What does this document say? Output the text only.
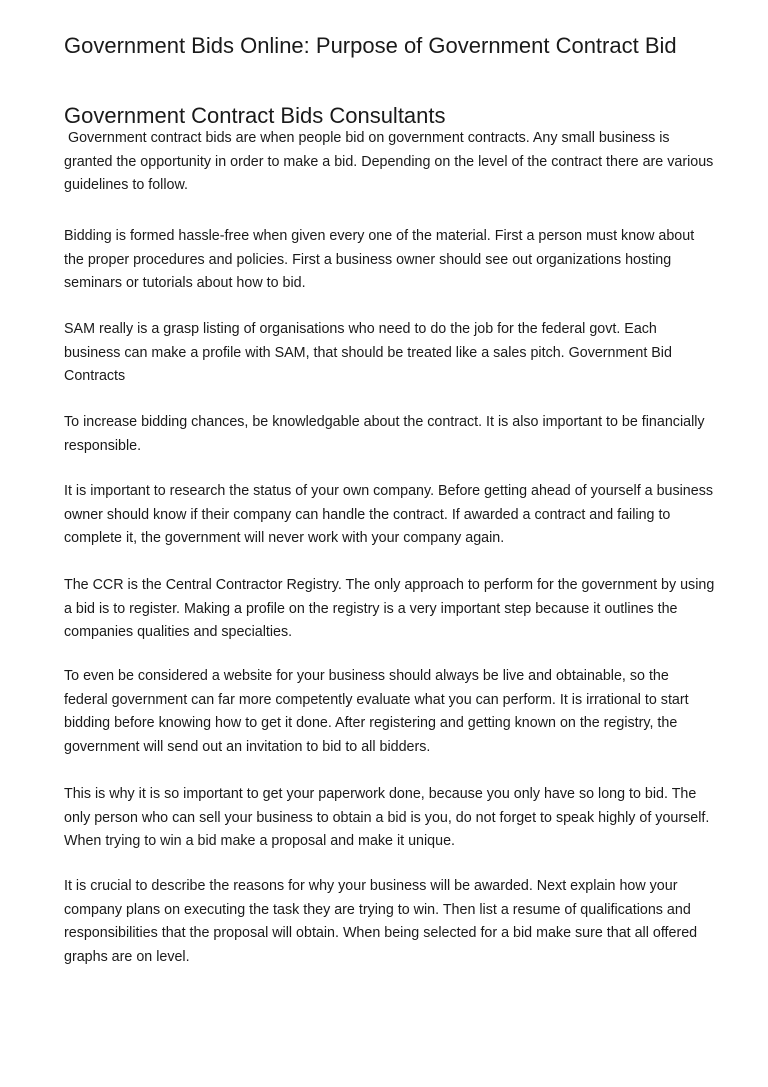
Government Bids Online: Purpose of Government Contract Bid
Government Contract Bids Consultants

Government contract bids are when people bid on government contracts. Any small business is granted the opportunity in order to make a bid. Depending on the level of the contract there are various guidelines to follow.

Bidding is formed hassle-free when given every one of the material. First a person must know about the proper procedures and policies. First a business owner should see out organizations hosting seminars or tutorials about how to bid.

SAM really is a grasp listing of organisations who need to do the job for the federal govt. Each business can make a profile with SAM, that should be treated like a sales pitch. Government Bid Contracts

To increase bidding chances, be knowledgable about the contract. It is also important to be financially responsible.

It is important to research the status of your own company. Before getting ahead of yourself a business owner should know if their company can handle the contract. If awarded a contract and failing to complete it, the government will never work with your company again.

The CCR is the Central Contractor Registry. The only approach to perform for the government by using a bid is to register. Making a profile on the registry is a very important step because it outlines the companies qualities and specialties.

To even be considered a website for your business should always be live and obtainable, so the federal government can far more competently evaluate what you can perform. It is irrational to start bidding before knowing how to get it done. After registering and getting known on the registry, the government will send out an invitation to bid to all bidders.

This is why it is so important to get your paperwork done, because you only have so long to bid. The only person who can sell your business to obtain a bid is you, do not forget to speak highly of yourself. When trying to win a bid make a proposal and make it unique.

It is crucial to describe the reasons for why your business will be awarded. Next explain how your company plans on executing the task they are trying to win. Then list a resume of qualifications and responsibilities that the proposal will obtain. When being selected for a bid make sure that all offered graphs are on level.
